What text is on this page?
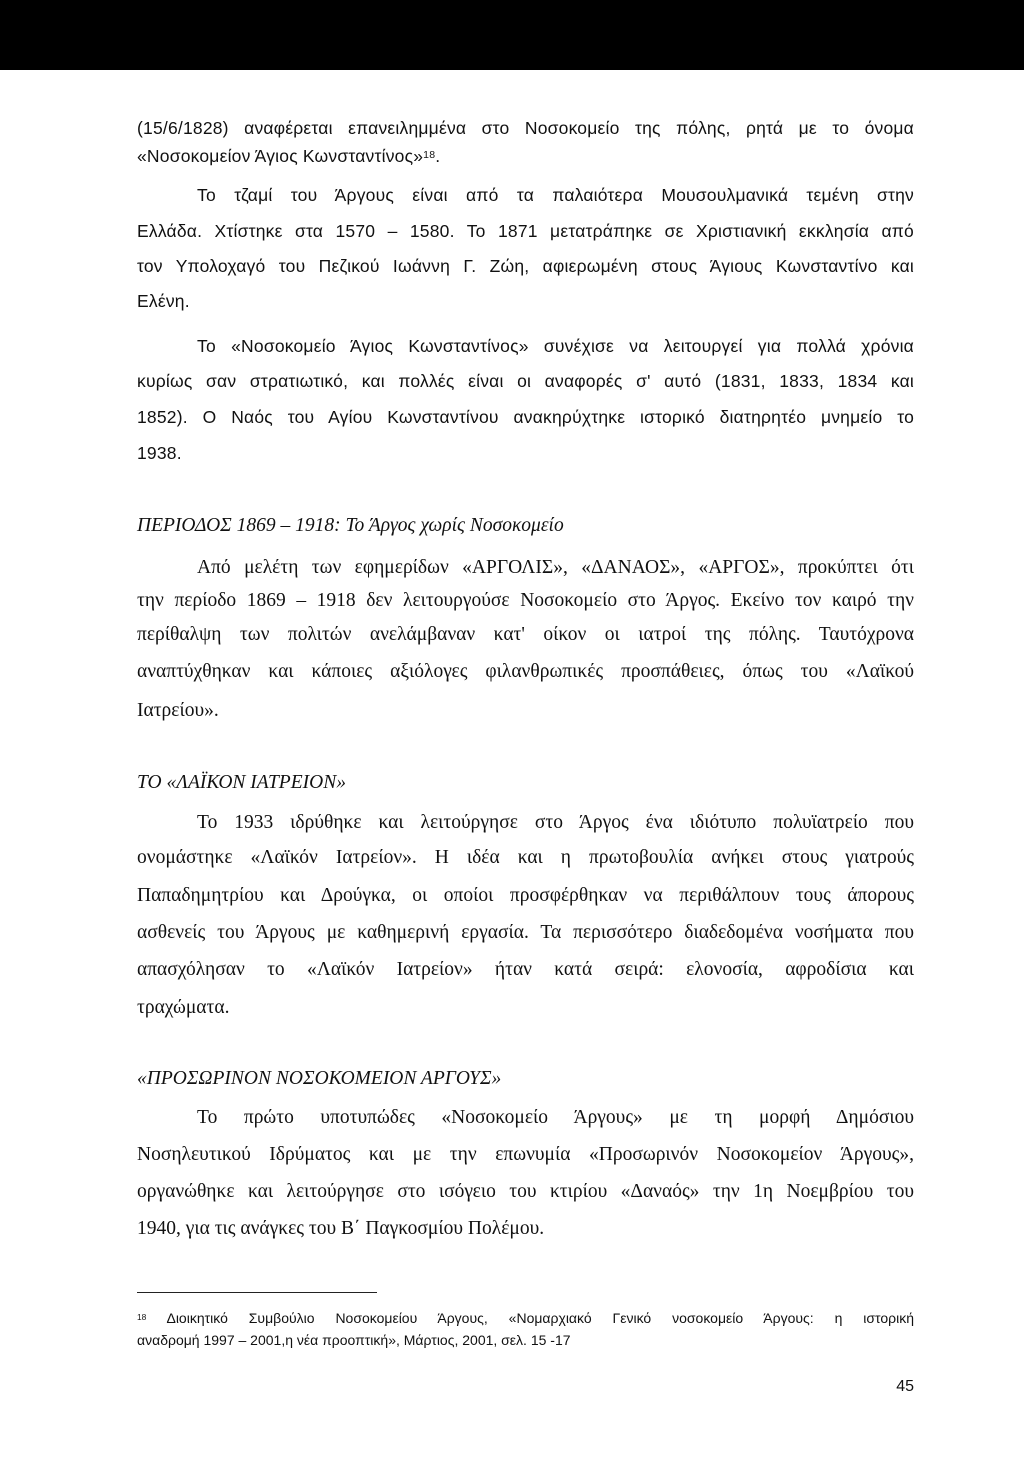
(15/6/1828) αναφέρεται επανειλημμένα στο Νοσοκομείο της πόλης, ρητά με το όνομα
«Νοσοκομείον Άγιος Κωνσταντίνος»$^{18}$.
Το τζαμί του Άργους είναι από τα παλαιότερα Μουσουλμανικά τεμένη στην
Ελλάδα. Χτίστηκε στα 1570 – 1580. Το 1871 μετατράπηκε σε Χριστιανική εκκλησία από
τον Υπολοχαγό του Πεζικού Ιωάννη Γ. Ζώη, αφιερωμένη στους Άγιους Κωνσταντίνο και
Ελένη.
Το «Νοσοκομείο Άγιος Κωνσταντίνος» συνέχισε να λειτουργεί για πολλά χρόνια
κυρίως σαν στρατιωτικό, και πολλές είναι οι αναφορές σ' αυτό (1831, 1833, 1834 και
1852). Ο Ναός του Αγίου Κωνσταντίνου ανακηρύχτηκε ιστορικό διατηρητέο μνημείο το
1938.
ΠΕΡΙΟΔΟΣ 1869 – 1918: Το Άργος χωρίς Νοσοκομείο
Από μελέτη των εφημερίδων «ΑΡΓΟΛΙΣ», «ΔΑΝΑΟΣ», «ΑΡΓΟΣ», προκύπτει ότι
την περίοδο 1869 – 1918 δεν λειτουργούσε Νοσοκομείο στο Άργος. Εκείνο τον καιρό την
περίθαλψη των πολιτών ανελάμβαναν κατ' οίκον οι ιατροί της πόλης. Ταυτόχρονα
αναπτύχθηκαν και κάποιες αξιόλογες φιλανθρωπικές προσπάθειες, όπως του «Λαϊκού
Ιατρείου».
ΤΟ «ΛΑΪΚΟΝ ΙΑΤΡΕΙΟΝ»
Το 1933 ιδρύθηκε και λειτούργησε στο Άργος ένα ιδιότυπο πολυϊατρείο που
ονομάστηκε «Λαϊκόν Ιατρείον». Η ιδέα και η πρωτοβουλία ανήκει στους γιατρούς
Παπαδημητρίου και Δρούγκα, οι οποίοι προσφέρθηκαν να περιθάλπουν τους άπορους
ασθενείς του Άργους με καθημερινή εργασία. Τα περισσότερο διαδεδομένα νοσήματα που
απασχόλησαν το «Λαϊκόν Ιατρείον» ήταν κατά σειρά: ελονοσία, αφροδίσια και
τραχώματα.
«ΠΡΟΣΩΡΙΝΟΝ ΝΟΣΟΚΟΜΕΙΟΝ ΑΡΓΟΥΣ»
Το πρώτο υποτυπώδες «Νοσοκομείο Άργους» με τη μορφή Δημόσιου
Νοσηλευτικού Ιδρύματος και με την επωνυμία «Προσωρινόν Νοσοκομείον Άργους»,
οργανώθηκε και λειτούργησε στο ισόγειο του κτιρίου «Δαναός» την 1η Νοεμβρίου του
1940, για τις ανάγκες του Β΄ Παγκοσμίου Πολέμου.
$^{18}$ Διοικητικό Συμβούλιο Νοσοκομείου Άργους, «Νομαρχιακό Γενικό νοσοκομείο Άργους: η ιστορική
αναδρομή 1997 – 2001,η νέα προοπτική», Μάρτιος, 2001, σελ. 15 -17
45
